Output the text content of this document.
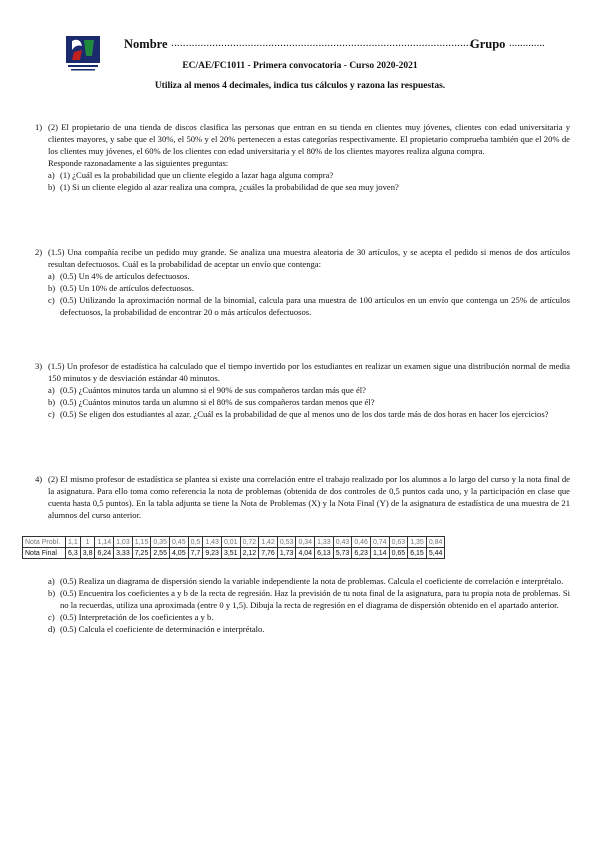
Nombre ......................................................................................................
Grupo .............
EC/AE/FC1011 - Primera convocatoria - Curso 2020-2021
Utiliza al menos 4 decimales, indica tus cálculos y razona las respuestas.
1) (2) El propietario de una tienda de discos clasifica las personas que entran en su tienda en clientes muy jóvenes, clientes con edad universitaria y clientes mayores, y sabe que el 30%, el 50% y el 20% pertenecen a estas categorías respectivamente. El propietario comprueba también que el 20% de los clientes muy jóvenes, el 60% de los clientes con edad universitaria y el 80% de los clientes mayores realiza alguna compra.

Responde razonadamente a las siguientes preguntas:

a) (1) ¿Cuál es la probabilidad que un cliente elegido a lazar haga alguna compra?
b) (1) Si un cliente elegido al azar realiza una compra, ¿cuáles la probabilidad de que sea muy joven?
2) (1.5) Una compañía recibe un pedido muy grande. Se analiza una muestra aleatoria de 30 artículos, y se acepta el pedido si menos de dos artículos resultan defectuosos. Cuál es la probabilidad de aceptar un envío que contenga:

a) (0.5) Un 4% de artículos defectuosos.
b) (0.5) Un 10% de artículos defectuosos.
c) (0.5) Utilizando la aproximación normal de la binomial, calcula para una muestra de 100 artículos en un envío que contenga un 25% de artículos defectuosos, la probabilidad de encontrar 20 o más artículos defectuosos.
3) (1.5) Un profesor de estadística ha calculado que el tiempo invertido por los estudiantes en realizar un examen sigue una distribución normal de media 150 minutos y de desviación estándar 40 minutos.

a) (0.5) ¿Cuántos minutos tarda un alumno si el 90% de sus compañeros tardan más que él?
b) (0.5) ¿Cuántos minutos tarda un alumno si el 80% de sus compañeros tardan menos que él?
c) (0.5) Se eligen dos estudiantes al azar. ¿Cuál es la probabilidad de que al menos uno de los dos tarde más de dos horas en hacer los ejercicios?
4) (2) El mismo profesor de estadística se plantea si existe una correlación entre el trabajo realizado por los alumnos a lo largo del curso y la nota final de la asignatura. Para ello toma como referencia la nota de problemas (obtenida de dos controles de 0,5 puntos cada uno, y la participación en clase que cuenta hasta 0,5 puntos). En la tabla adjunta se tiene la Nota de Problemas (X) y la Nota Final (Y) de la asignatura de estadística de una muestra de 21 alumnos del curso anterior.

Nota Probl.	1,1	1	1,14	1,03	1,15	0,35	0,45	0,5	1,43	0,01	0,72	1,42	0,53	0,34	1,33	0,43	0,46	0,74	0,63	1,35	0,84
Nota Final	6,3	3,8	6,24	3,33	7,25	2,55	4,05	7,7	9,23	3,51	2,12	7,76	1,73	4,04	6,13	5,73	6,23	1,14	0,65	6,15	5,44
a) (0.5) Realiza un diagrama de dispersión siendo la variable independiente la nota de problemas. Calcula el coeficiente de correlación e interprétalo.
b) (0.5) Encuentra los coeficientes a y b de la recta de regresión. Haz la previsión de tu nota final de la asignatura, para tu propia nota de problemas. Si no la recuerdas, utiliza una aproximada (entre 0 y 1,5). Dibuja la recta de regresión en el diagrama de dispersión obtenido en el apartado anterior.
c) (0.5) Interpretación de los coeficientes a y b.
d) (0.5) Calcula el coeficiente de determinación e interprétalo.
